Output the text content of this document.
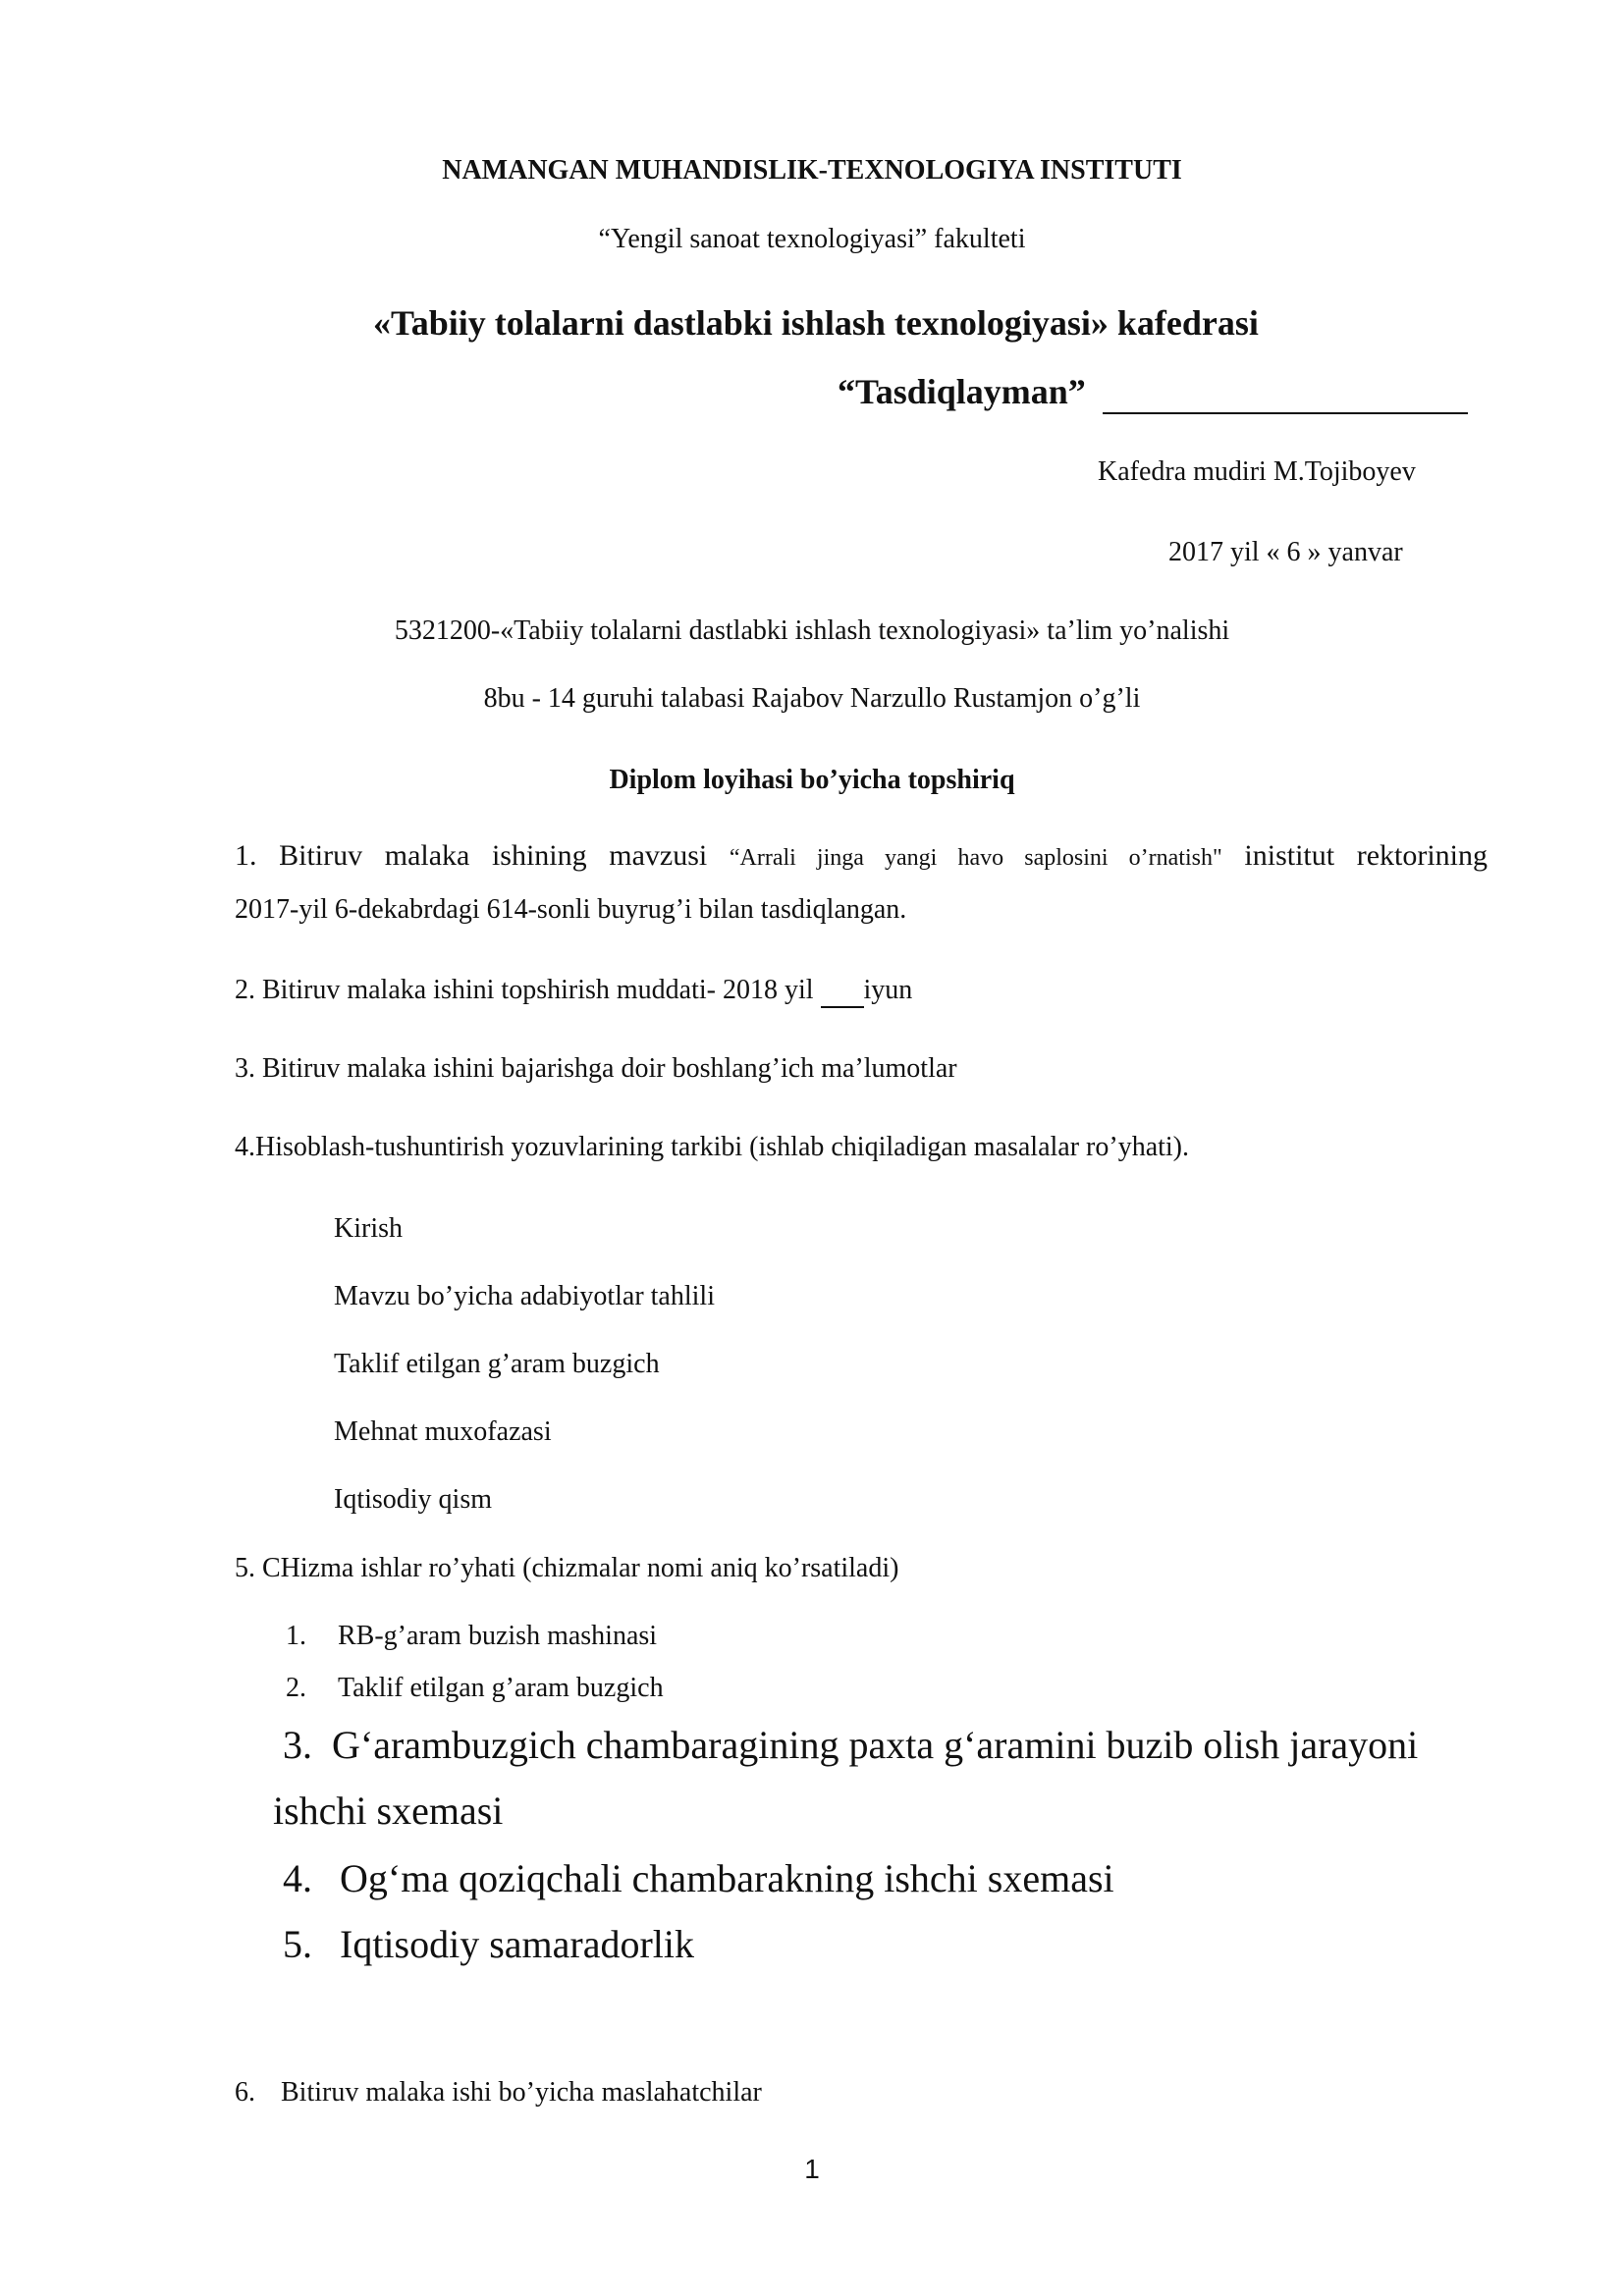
NAMANGAN MUHANDISLIK-TEXNOLOGIYA INSTITUTI
“Yengil sanoat texnologiyasi” fakulteti
«Tabiiy tolalarni dastlabki ishlash texnologiyasi» kafedrasi
“Tasdiqlayman”
Kafedra mudiri M.Tojiboyev
2017 yil « 6 » yanvar
5321200-«Tabiiy tolalarni dastlabki ishlash texnologiyasi» ta’lim yo’nalishi
8bu - 14 guruhi talabasi Rajabov Narzullo Rustamjon o’g’li
Diplom loyihasi bo’yicha topshiriq
1. Bitiruv malaka ishining mavzusi “Arrali jinga yangi havo saplosini o’rnatish" inistitut rektorining
2017-yil 6-dekabrdagi 614-sonli buyrug’i bilan tasdiqlangan.
2. Bitiruv malaka ishini topshirish muddati- 2018 yil iyun
3. Bitiruv malaka ishini bajarishga doir boshlang’ich ma’lumotlar
4.Hisoblash-tushuntirish yozuvlarining tarkibi (ishlab chiqiladigan masalalar ro’yhati).
Kirish
Mavzu bo’yicha adabiyotlar tahlili
Taklif etilgan g’aram buzgich
Mehnat muxofazasi
Iqtisodiy qism
5. CHizma ishlar ro’yhati (chizmalar nomi aniq ko’rsatiladi)
1. RB-g’aram buzish mashinasi
2. Taklif etilgan g’aram buzgich
3. G‘arambuzgich chambaragining paxta g‘aramini buzib olish jarayoni
ishchi sxemasi
4. Og‘ma qoziqchali chambarakning ishchi sxemasi
5. Iqtisodiy samaradorlik
6. Bitiruv malaka ishi bo’yicha maslahatchilar
1
